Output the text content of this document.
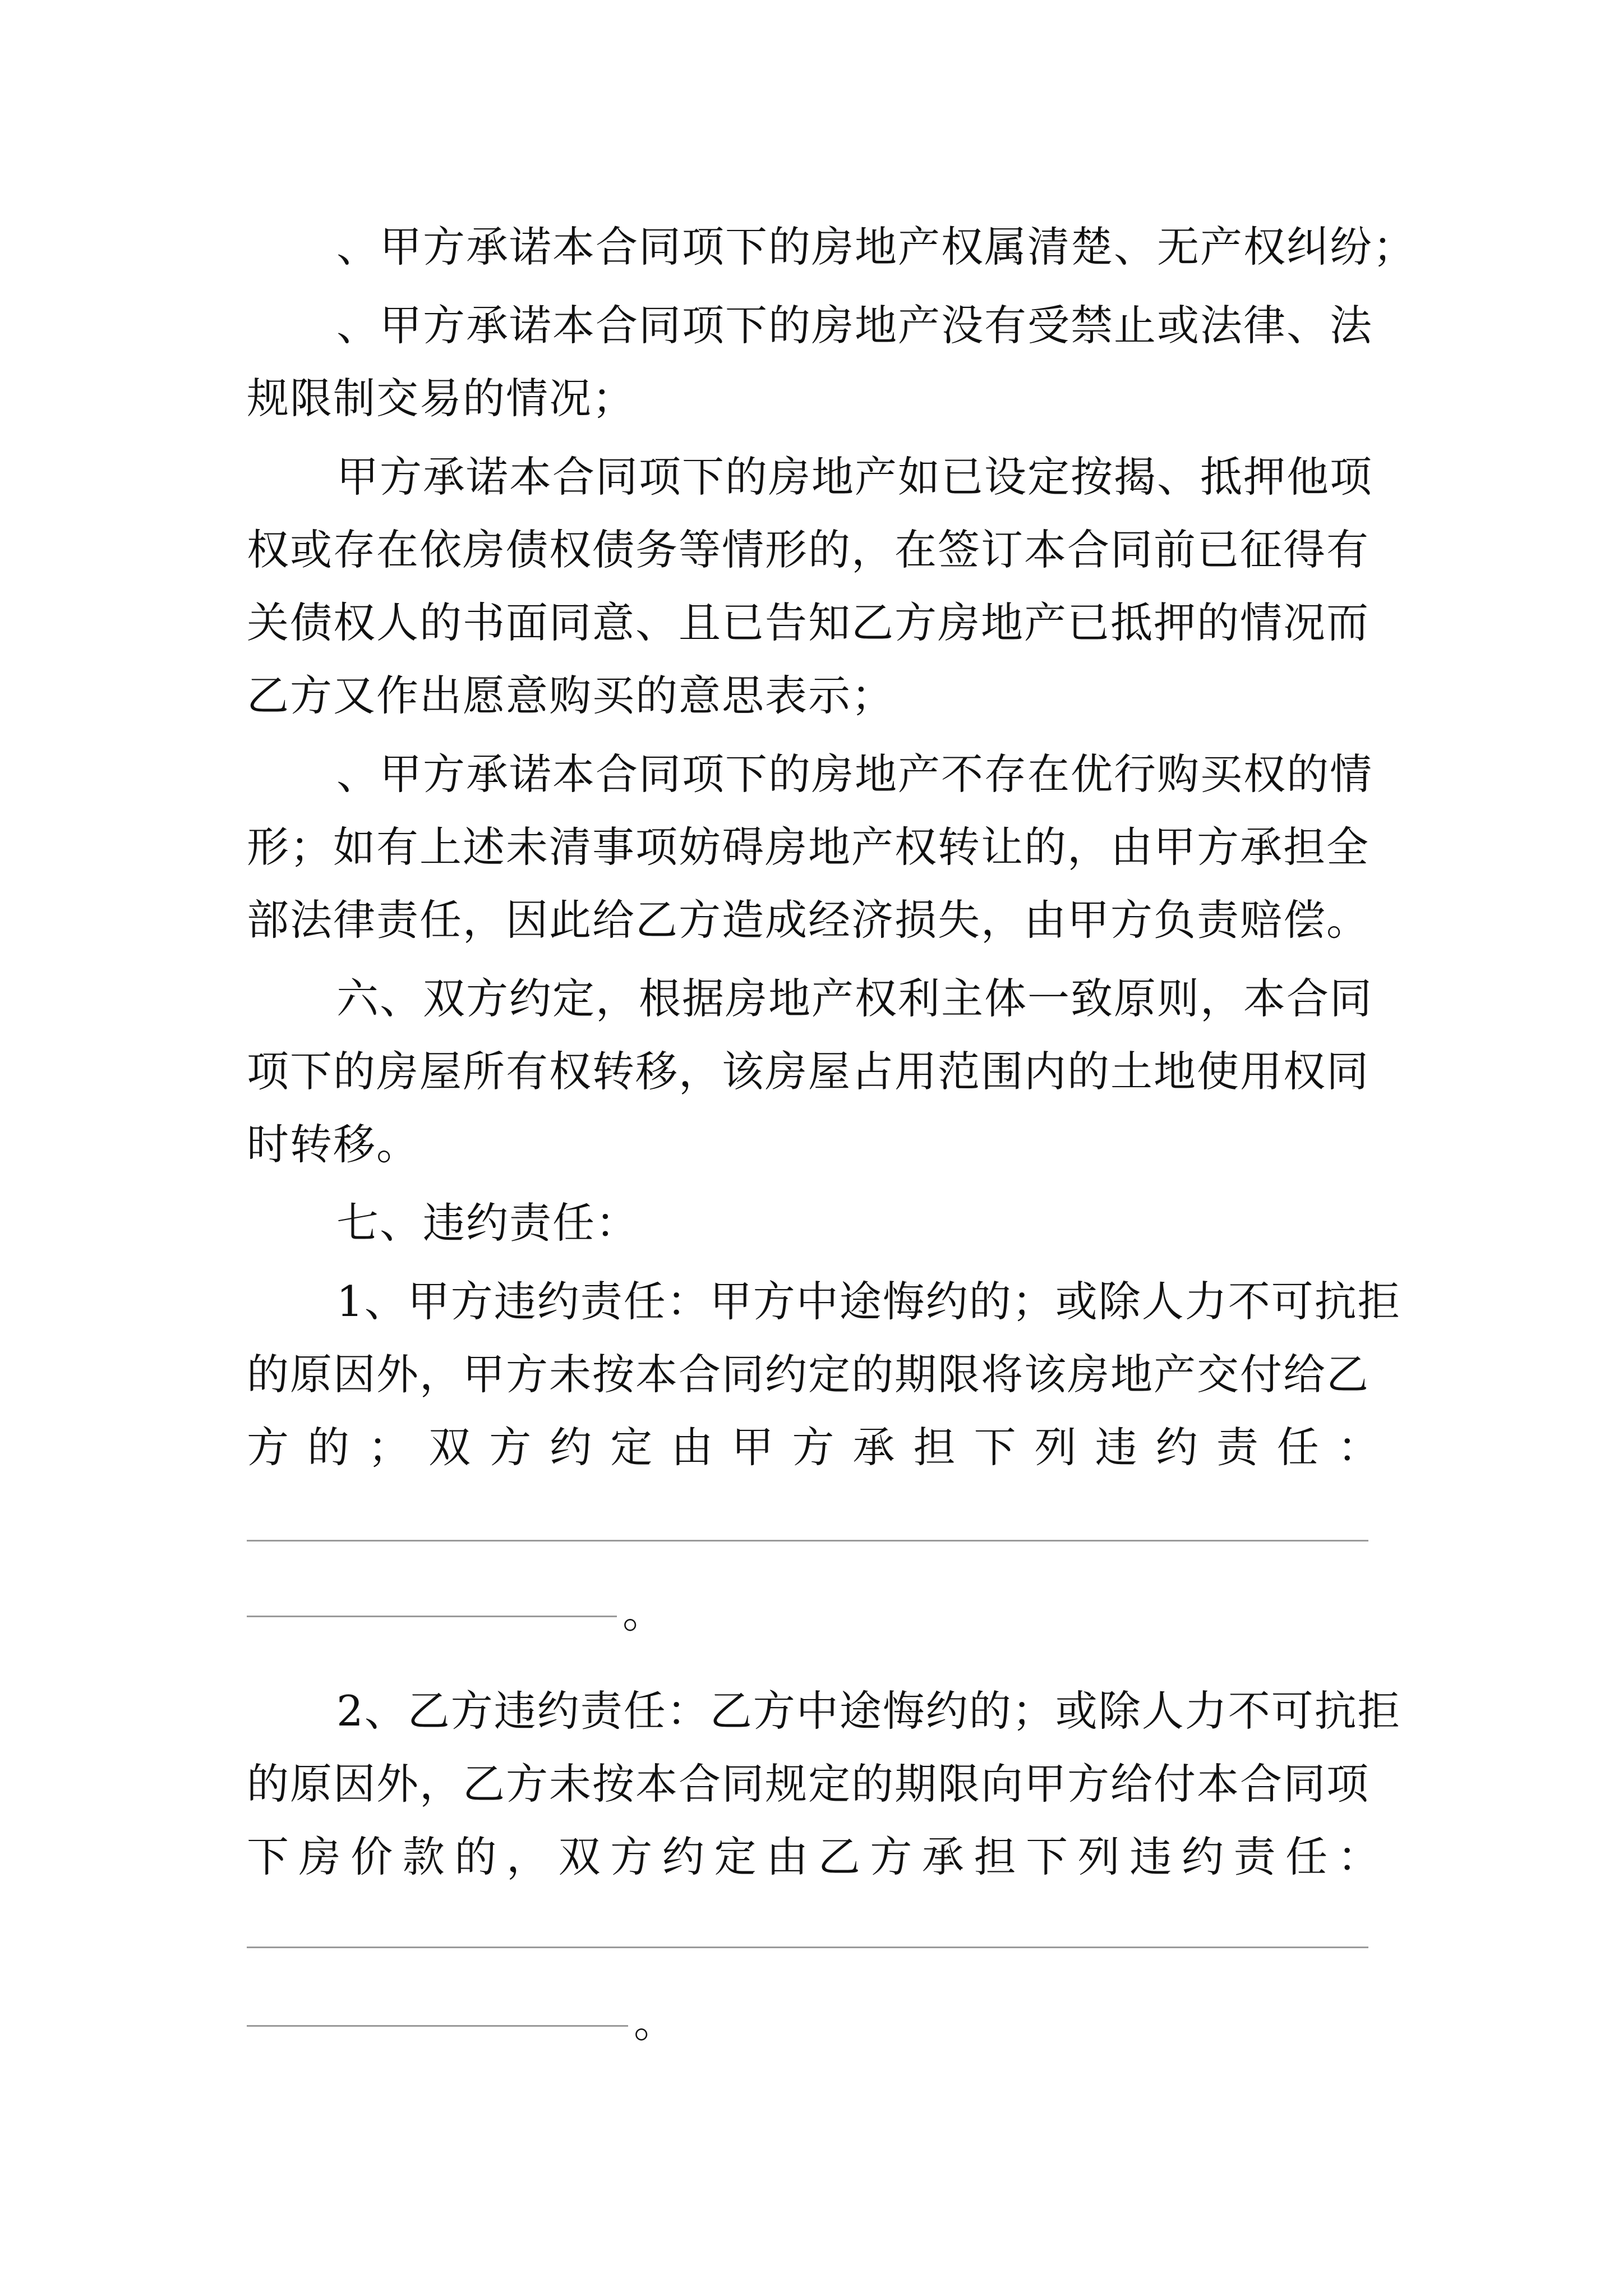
、甲方承诺本合同项下的房地产权属清楚、无产权纠纷；
、甲方承诺本合同项下的房地产没有受禁止或法律、法
规限制交易的情况；
甲方承诺本合同项下的房地产如已设定按揭、抵押他项
权或存在依房债权债务等情形的，在签订本合同前已征得有
关债权人的书面同意、且已告知乙方房地产已抵押的情况而
乙方又作出愿意购买的意思表示；
、甲方承诺本合同项下的房地产不存在优行购买权的情
形；如有上述未清事项妨碍房地产权转让的，由甲方承担全
部法律责任，因此给乙方造成经济损失，由甲方负责赔偿。
六、双方约定，根据房地产权利主体一致原则，本合同
项下的房屋所有权转移，该房屋占用范围内的土地使用权同
时转移。
七、违约责任：
1、甲方违约责任：甲方中途悔约的；或除人力不可抗拒
的原因外，甲方未按本合同约定的期限将该房地产交付给乙
方 的 ； 双 方 约 定 由 甲 方 承 担 下 列 违 约 责 任 ：
。
2、乙方违约责任：乙方中途悔约的；或除人力不可抗拒
的原因外，乙方未按本合同规定的期限向甲方给付本合同项
下 房 价 款 的 ， 双 方 约 定 由 乙 方 承 担 下 列 违 约 责 任 ：
。
